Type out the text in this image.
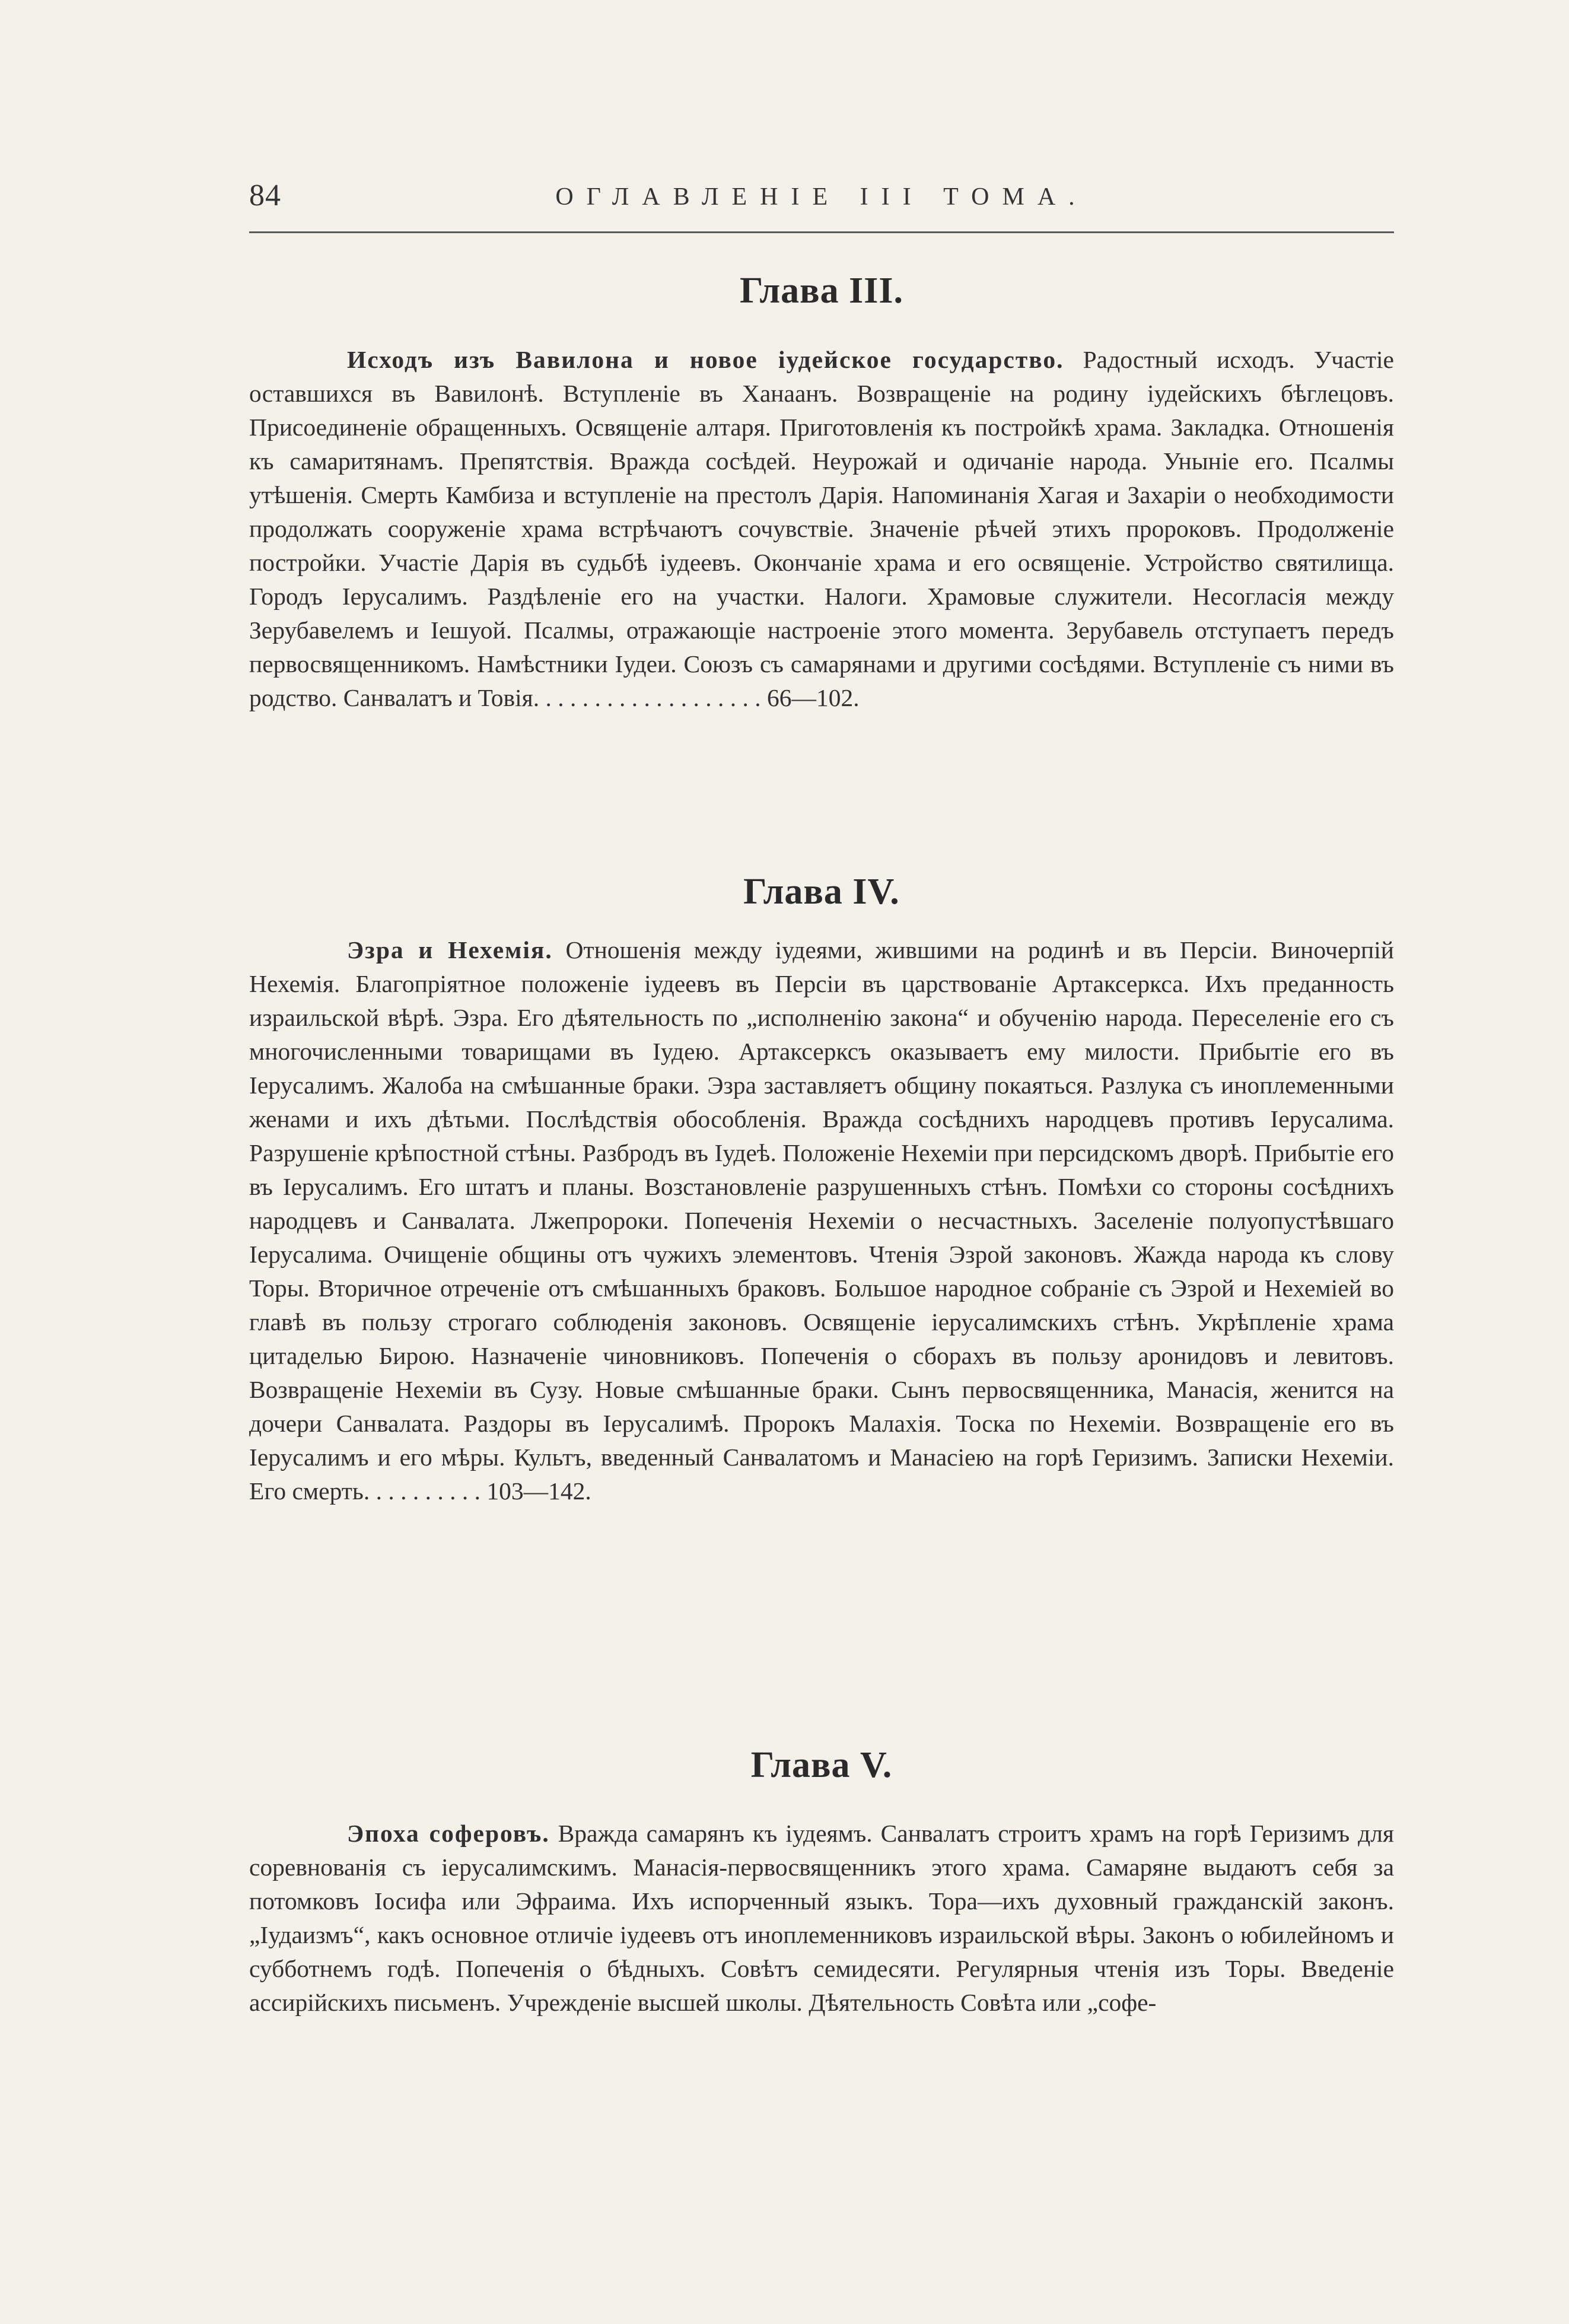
84	ОГЛАВЛЕНІЕ III ТОМА.
Глава III.

Исходъ изъ Вавилона и новое іудейское государство. Радостный исходъ. Участіе оставшихся въ Вавилонѣ. Вступленіе въ Ханаанъ. Возвращеніе на родину іудейскихъ бѣглецовъ. Присоединеніе обращенныхъ. Освященіе алтаря. Приготовленія къ постройкѣ храма. Закладка. Отношенія къ самаритянамъ. Препятствія. Вражда сосѣдей. Неурожай и одичаніе народа. Уныніе его. Псалмы утѣшенія. Смерть Камбиза и вступленіе на престолъ Дарія. Напоминанія Хагая и Захаріи о необходимости продолжать сооруженіе храма встрѣчаютъ сочувствіе. Значеніе рѣчей этихъ пророковъ. Продолженіе постройки. Участіе Дарія въ судьбѣ іудеевъ. Окончаніе храма и его освященіе. Устройство святилища. Городъ Іерусалимъ. Раздѣленіе его на участки. Налоги. Храмовые служители. Несогласія между Зерубавелемъ и Іешуой. Псалмы, отражающіе настроеніе этого момента. Зерубавель отступаетъ передъ первосвященникомъ. Намѣстники Іудеи. Союзъ съ самарянами и другими сосѣдями. Вступленіе съ ними въ родство. Санвалатъ и Товія. . . . . . . . . . . . . . . . . . . 66—102.

Глава IV.

Эзра и Нехемія. Отношенія между іудеями, жившими на родинѣ и въ Персіи. Виночерпій Нехемія. Благопріятное положеніе іудеевъ въ Персіи въ царствованіе Артаксеркса. Ихъ преданность израильской вѣрѣ. Эзра. Его дѣятельность по „исполненію закона“ и обученію народа. Переселеніе его съ многочисленными товарищами въ Іудею. Артаксерксъ оказываетъ ему милости. Прибытіе его въ Іерусалимъ. Жалоба на смѣшанные браки. Эзра заставляетъ общину покаяться. Разлука съ иноплеменными женами и ихъ дѣтьми. Послѣдствія обособленія. Вражда сосѣднихъ народцевъ противъ Іерусалима. Разрушеніе крѣпостной стѣны. Разбродъ въ Іудеѣ. Положеніе Нехеміи при персидскомъ дворѣ. Прибытіе его въ Іерусалимъ. Его штатъ и планы. Возстановленіе разрушенныхъ стѣнъ. Помѣхи со стороны сосѣднихъ народцевъ и Санвалата. Лжепророки. Попеченія Нехеміи о несчастныхъ. Заселеніе полуопустѣвшаго Іерусалима. Очищеніе общины отъ чужихъ элементовъ. Чтенія Эзрой законовъ. Жажда народа къ слову Торы. Вторичное отреченіе отъ смѣшанныхъ браковъ. Большое народное собраніе съ Эзрой и Нехеміей во главѣ въ пользу строгаго соблюденія законовъ. Освященіе іерусалимскихъ стѣнъ. Укрѣпленіе храма цитаделью Бирою. Назначеніе чиновниковъ. Попеченія о сборахъ въ пользу аронидовъ и левитовъ. Возвращеніе Нехеміи въ Сузу. Новые смѣшанные браки. Сынъ первосвященника, Манасія, женится на дочери Санвалата. Раздоры въ Іерусалимѣ. Пророкъ Малахія. Тоска по Нехеміи. Возвращеніе его въ Іерусалимъ и его мѣры. Культъ, введенный Санвалатомъ и Манасіею на горѣ Геризимъ. Записки Нехеміи. Его смерть. . . . . . . . . . 103—142.

Глава V.

Эпоха соферовъ. Вражда самарянъ къ іудеямъ. Санвалатъ строитъ храмъ на горѣ Геризимъ для соревнованія съ іерусалимскимъ. Манасія-первосвященникъ этого храма. Самаряне выдаютъ себя за потомковъ Іосифа или Эфраима. Ихъ испорченный языкъ. Тора—ихъ духовный гражданскій законъ. „Іудаизмъ“, какъ основное отличіе іудеевъ отъ иноплеменниковъ израильской вѣры. Законъ о юбилейномъ и субботнемъ годѣ. Попеченія о бѣдныхъ. Совѣтъ семидесяти. Регулярныя чтенія изъ Торы. Введеніе ассирійскихъ письменъ. Учрежденіе высшей школы. Дѣятельность Совѣта или „софе-
